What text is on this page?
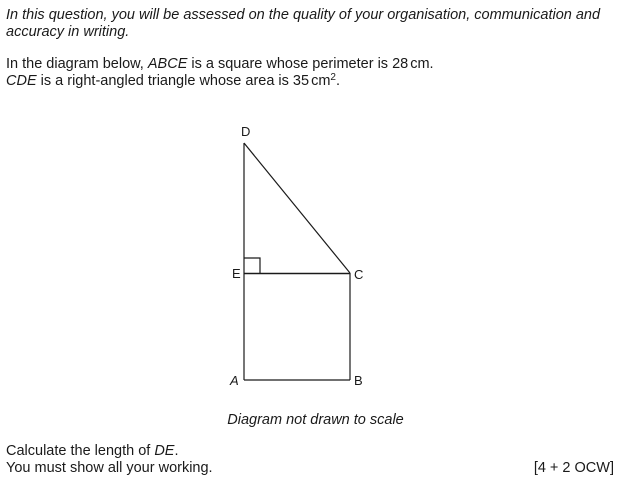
In this question, you will be assessed on the quality of your organisation, communication and
accuracy in writing.
In the diagram below, ABCE is a square whose perimeter is 28 cm.
CDE is a right-angled triangle whose area is 35 $cm^2$.
D
E	C
A	B
Diagram not drawn to scale
Calculate the length of DE.
You must show all your working.	[4 + 2 OCW]
